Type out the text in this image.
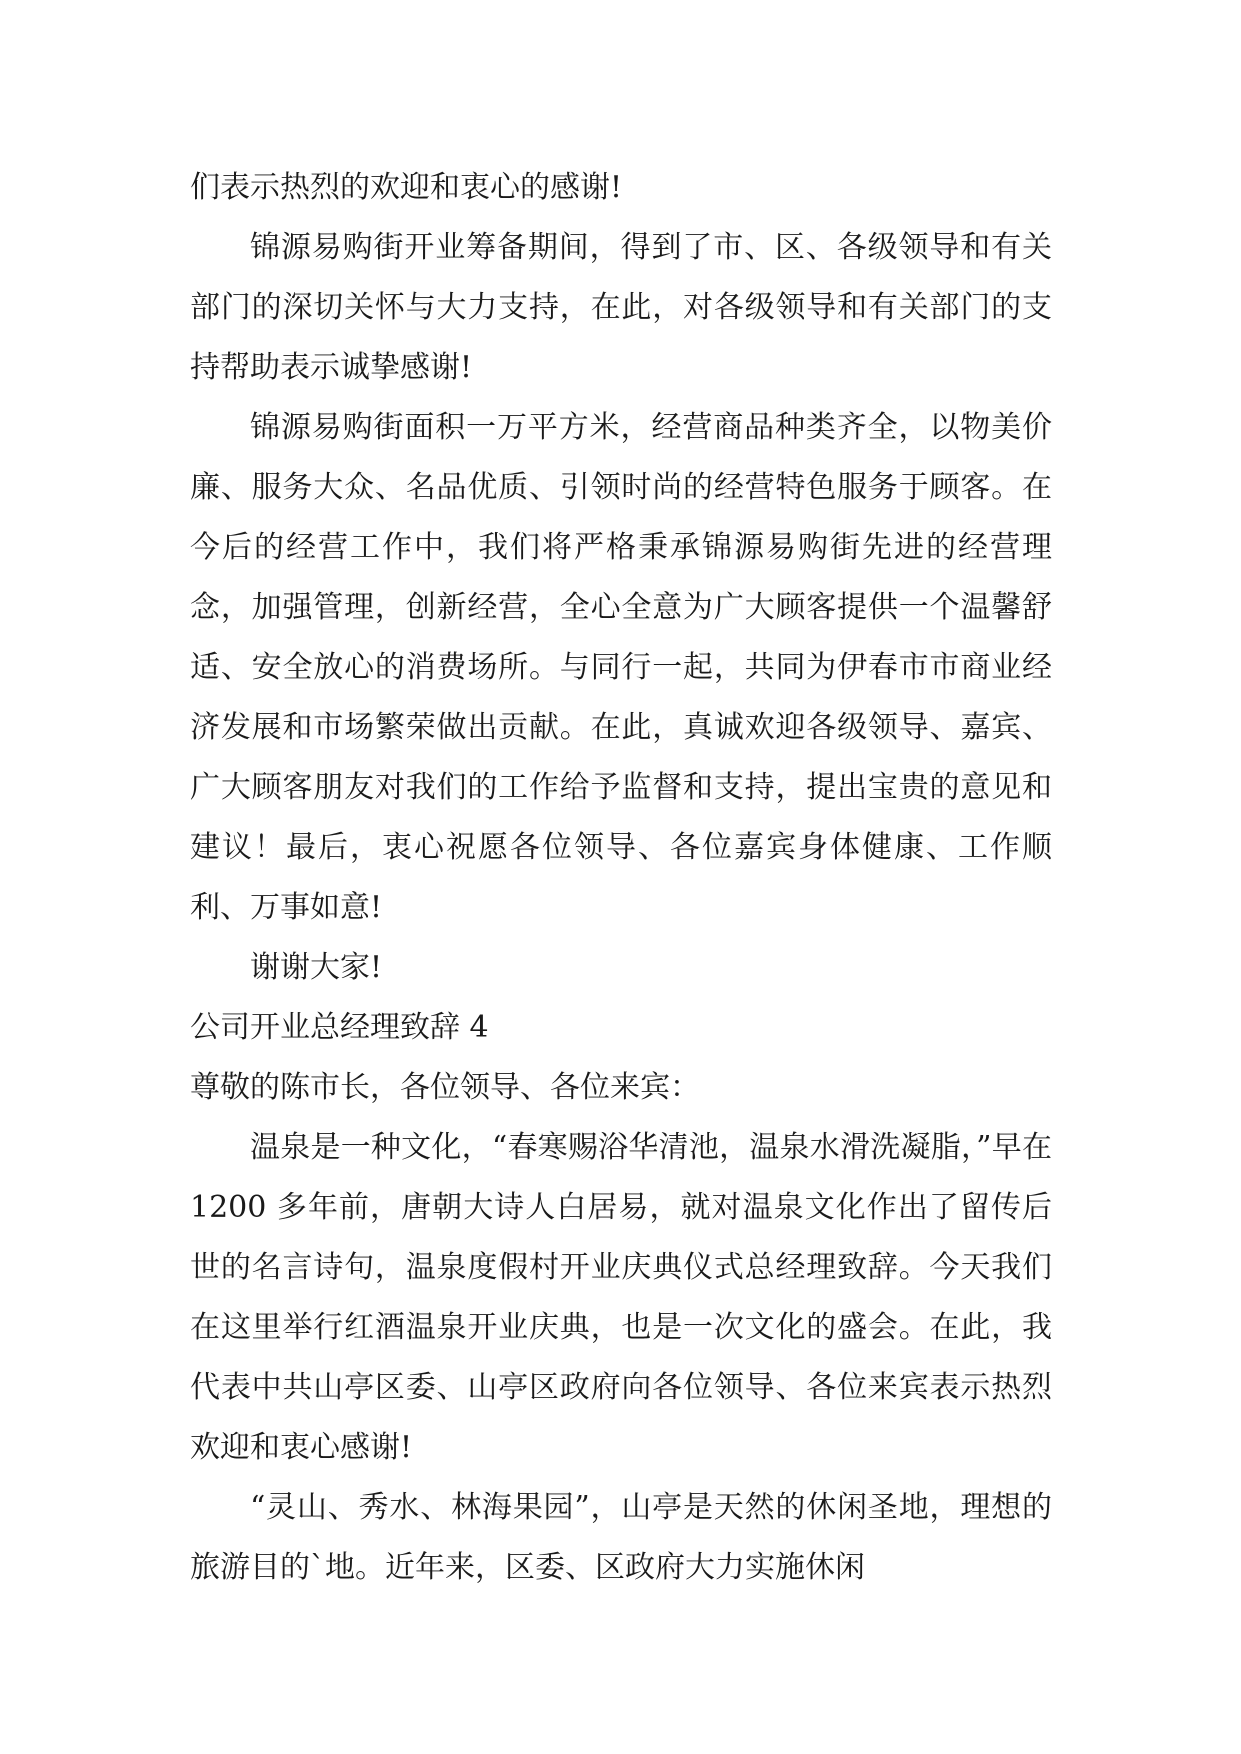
们表示热烈的欢迎和衷心的感谢!

锦源易购街开业筹备期间，得到了市、区、各级领导和有关部门的深切关怀与大力支持，在此，对各级领导和有关部门的支持帮助表示诚挚感谢!

锦源易购街面积一万平方米，经营商品种类齐全，以物美价廉、服务大众、名品优质、引领时尚的经营特色服务于顾客。在今后的经营工作中，我们将严格秉承锦源易购街先进的经营理念，加强管理，创新经营，全心全意为广大顾客提供一个温馨舒适、安全放心的消费场所。与同行一起，共同为伊春市市商业经济发展和市场繁荣做出贡献。在此，真诚欢迎各级领导、嘉宾、广大顾客朋友对我们的工作给予监督和支持，提出宝贵的意见和建议！最后，衷心祝愿各位领导、各位嘉宾身体健康、工作顺利、万事如意!

谢谢大家!

公司开业总经理致辞 4

尊敬的陈市长，各位领导、各位来宾：

温泉是一种文化，“春寒赐浴华清池，温泉水滑洗凝脂，”早在 1200 多年前，唐朝大诗人白居易，就对温泉文化作出了留传后世的名言诗句，温泉度假村开业庆典仪式总经理致辞。今天我们在这里举行红酒温泉开业庆典，也是一次文化的盛会。在此，我代表中共山亭区委、山亭区政府向各位领导、各位来宾表示热烈欢迎和衷心感谢!

“灵山、秀水、林海果园”，山亭是天然的休闲圣地，理想的旅游目的`地。近年来，区委、区政府大力实施休闲
